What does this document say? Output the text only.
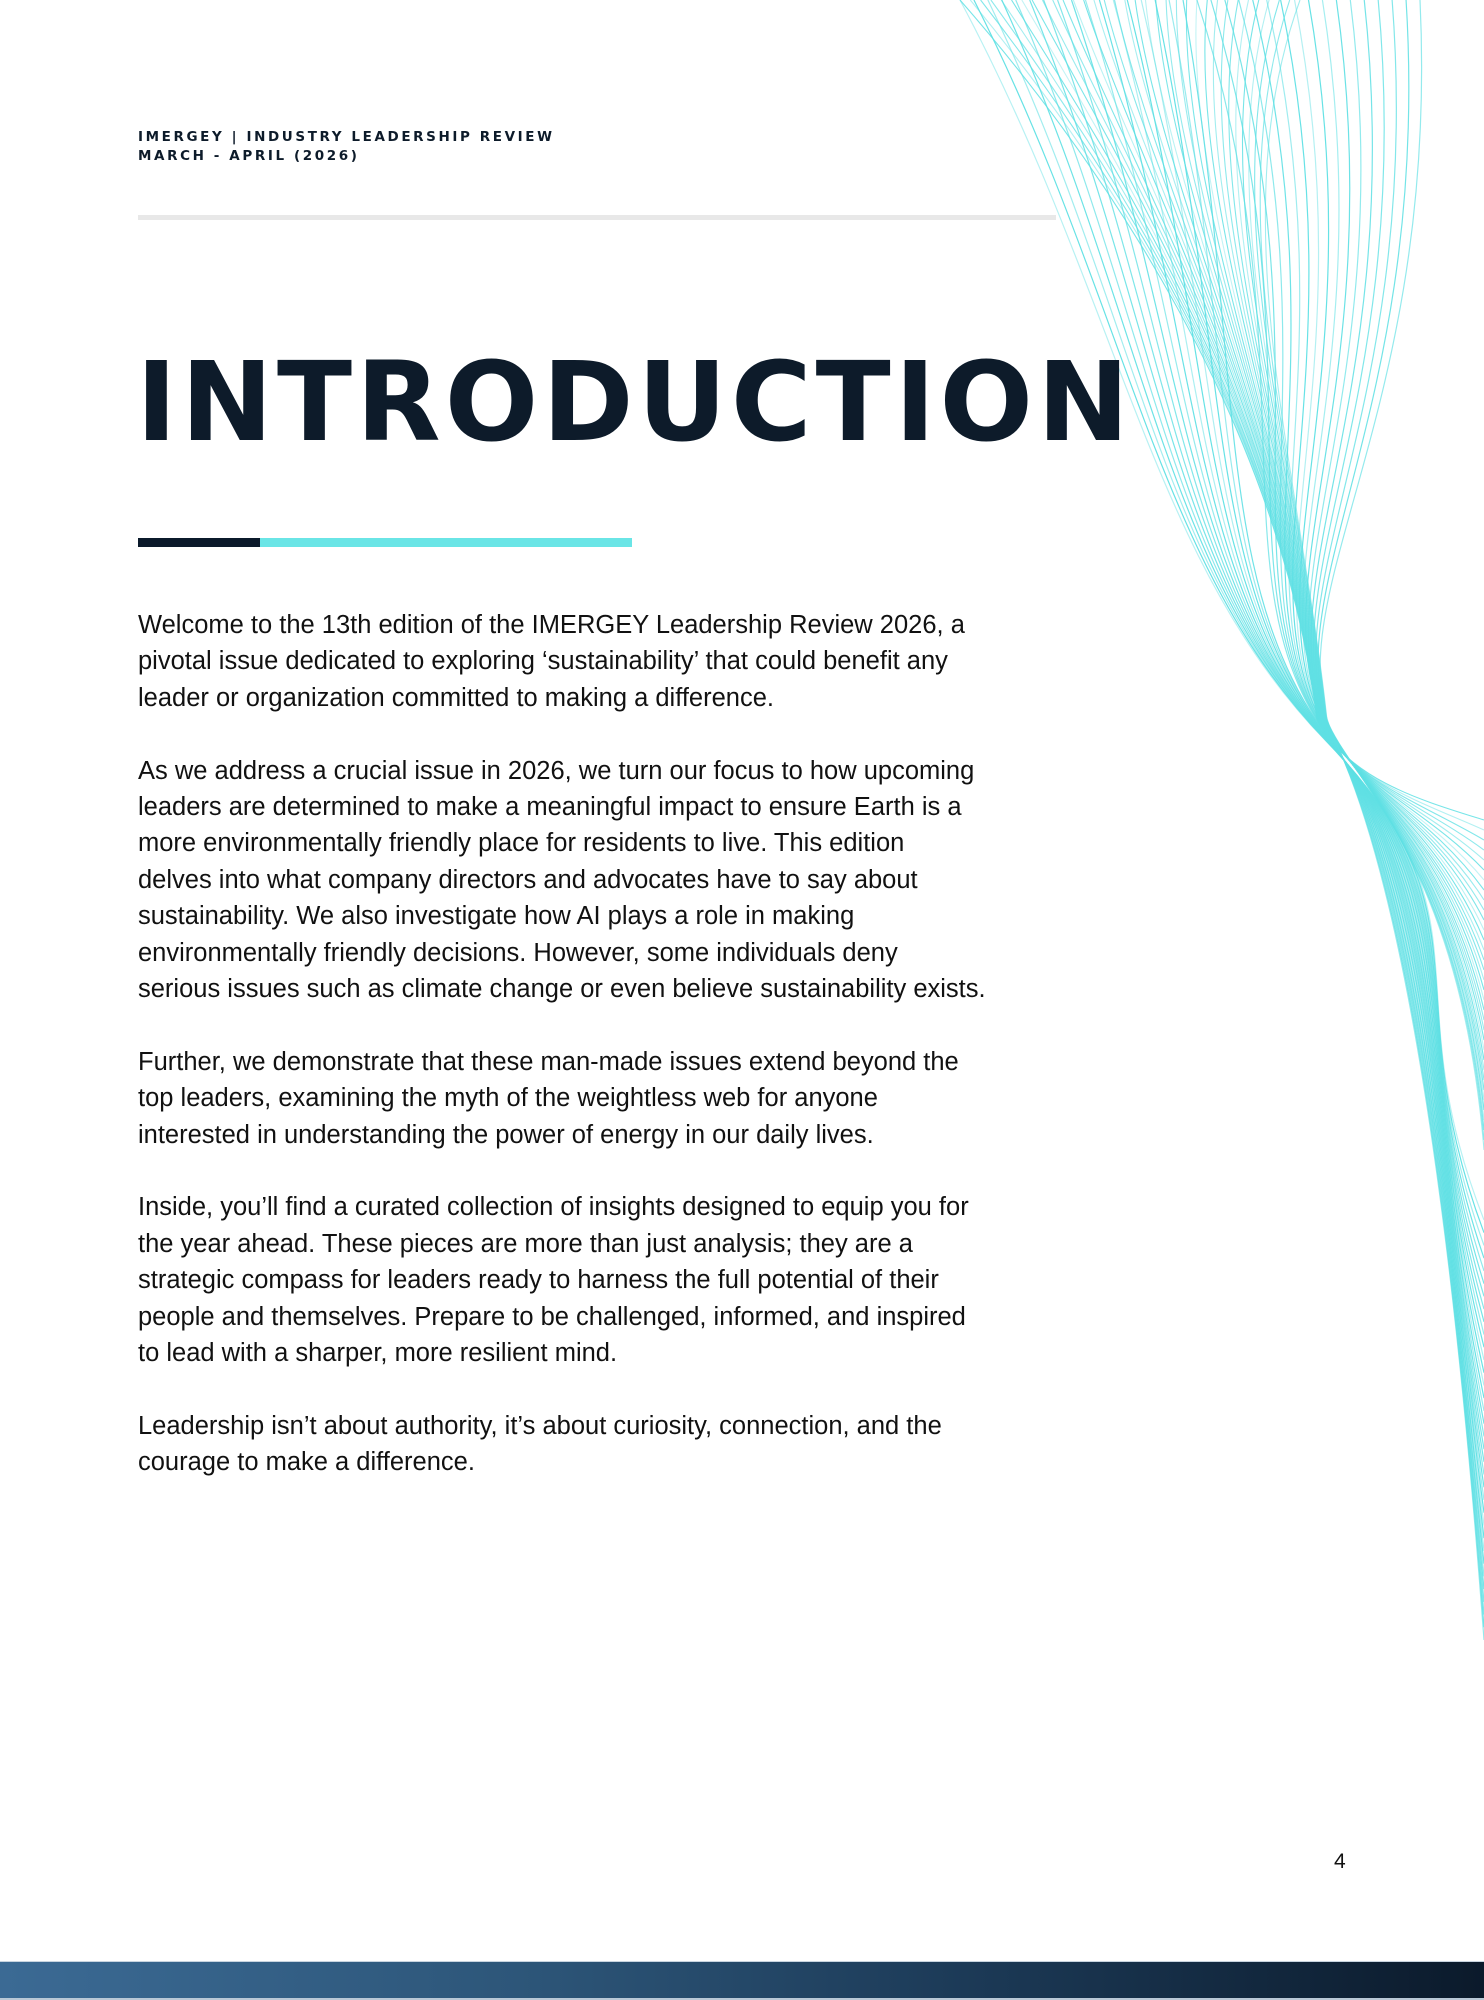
IMERGEY | INDUSTRY LEADERSHIP REVIEW
MARCH - APRIL (2026)
INTRODUCTION

Welcome to the 13th edition of the IMERGEY Leadership Review 2026, a
pivotal issue dedicated to exploring ‘sustainability’ that could benefit any
leader or organization committed to making a difference.

As we address a crucial issue in 2026, we turn our focus to how upcoming
leaders are determined to make a meaningful impact to ensure Earth is a
more environmentally friendly place for residents to live. This edition
delves into what company directors and advocates have to say about
sustainability. We also investigate how AI plays a role in making
environmentally friendly decisions. However, some individuals deny
serious issues such as climate change or even believe sustainability exists.

Further, we demonstrate that these man-made issues extend beyond the
top leaders, examining the myth of the weightless web for anyone
interested in understanding the power of energy in our daily lives.

Inside, you’ll find a curated collection of insights designed to equip you for
the year ahead. These pieces are more than just analysis; they are a
strategic compass for leaders ready to harness the full potential of their
people and themselves. Prepare to be challenged, informed, and inspired
to lead with a sharper, more resilient mind.

Leadership isn’t about authority, it’s about curiosity, connection, and the
courage to make a difference.

4
